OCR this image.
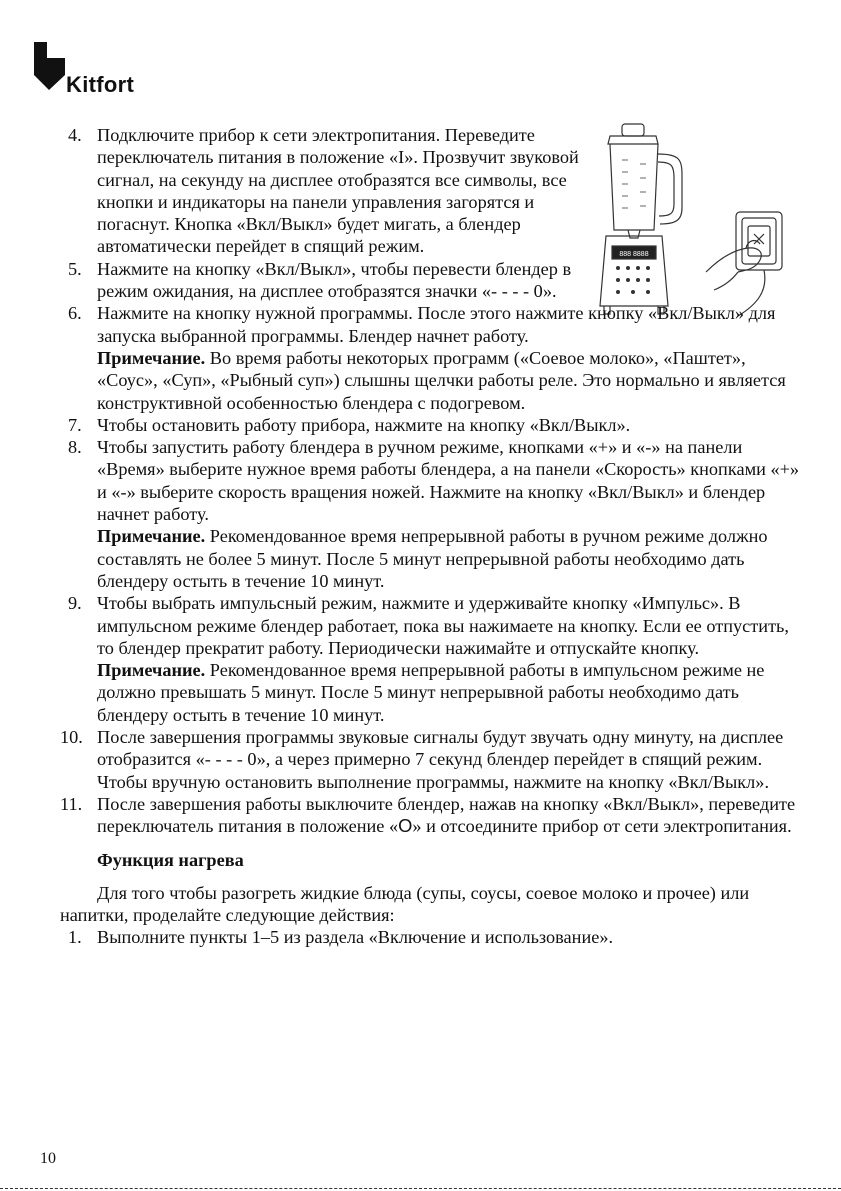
Kitfort
888 8888
4. Подключите прибор к сети электропитания. Переведите переключатель питания в положение «I». Прозвучит звуковой сигнал, на секунду на дисплее отобразятся все символы, все кнопки и индикаторы на панели управления загорятся и погаснут. Кнопка «Вкл/Выкл» будет мигать, а блендер автоматически перейдет в спящий режим.

5. Нажмите на кнопку «Вкл/Выкл», чтобы перевести блендер в режим ожидания, на дисплее отобразятся значки «- - - - 0».

6. Нажмите на кнопку нужной программы. После этого нажмите кнопку «Вкл/Выкл» для запуска выбранной программы. Блендер начнет работу.

Примечание. Во время работы некоторых программ («Соевое молоко», «Паштет», «Соус», «Суп», «Рыбный суп») слышны щелчки работы реле. Это нормально и является конструктивной особенностью блендера с подогревом.

7. Чтобы остановить работу прибора, нажмите на кнопку «Вкл/Выкл».

8. Чтобы запустить работу блендера в ручном режиме, кнопками «+» и «-» на панели «Время» выберите нужное время работы блендера, а на панели «Скорость» кнопками «+» и «-» выберите скорость вращения ножей. Нажмите на кнопку «Вкл/Выкл» и блендер начнет работу.

Примечание. Рекомендованное время непрерывной работы в ручном режиме должно составлять не более 5 минут. После 5 минут непрерывной работы необходимо дать блендеру остыть в течение 10 минут.

9. Чтобы выбрать импульсный режим, нажмите и удерживайте кнопку «Импульс». В импульсном режиме блендер работает, пока вы нажимаете на кнопку. Если ее отпустить, то блендер прекратит работу. Периодически нажимайте и отпускайте кнопку.

Примечание. Рекомендованное время непрерывной работы в импульсном режиме не должно превышать 5 минут. После 5 минут непрерывной работы необходимо дать блендеру остыть в течение 10 минут.

10. После завершения программы звуковые сигналы будут звучать одну минуту, на дисплее отобразится «- - - - 0», а через примерно 7 секунд блендер перейдет в спящий режим. Чтобы вручную остановить выполнение программы, нажмите на кнопку «Вкл/Выкл».

11. После завершения работы выключите блендер, нажав на кнопку «Вкл/Выкл», переведите переключатель питания в положение «O» и отсоедините прибор от сети электропитания.

Функция нагрева

Для того чтобы разогреть жидкие блюда (супы, соусы, соевое молоко и прочее) или напитки, проделайте следующие действия:

1. Выполните пункты 1–5 из раздела «Включение и использование».

10
